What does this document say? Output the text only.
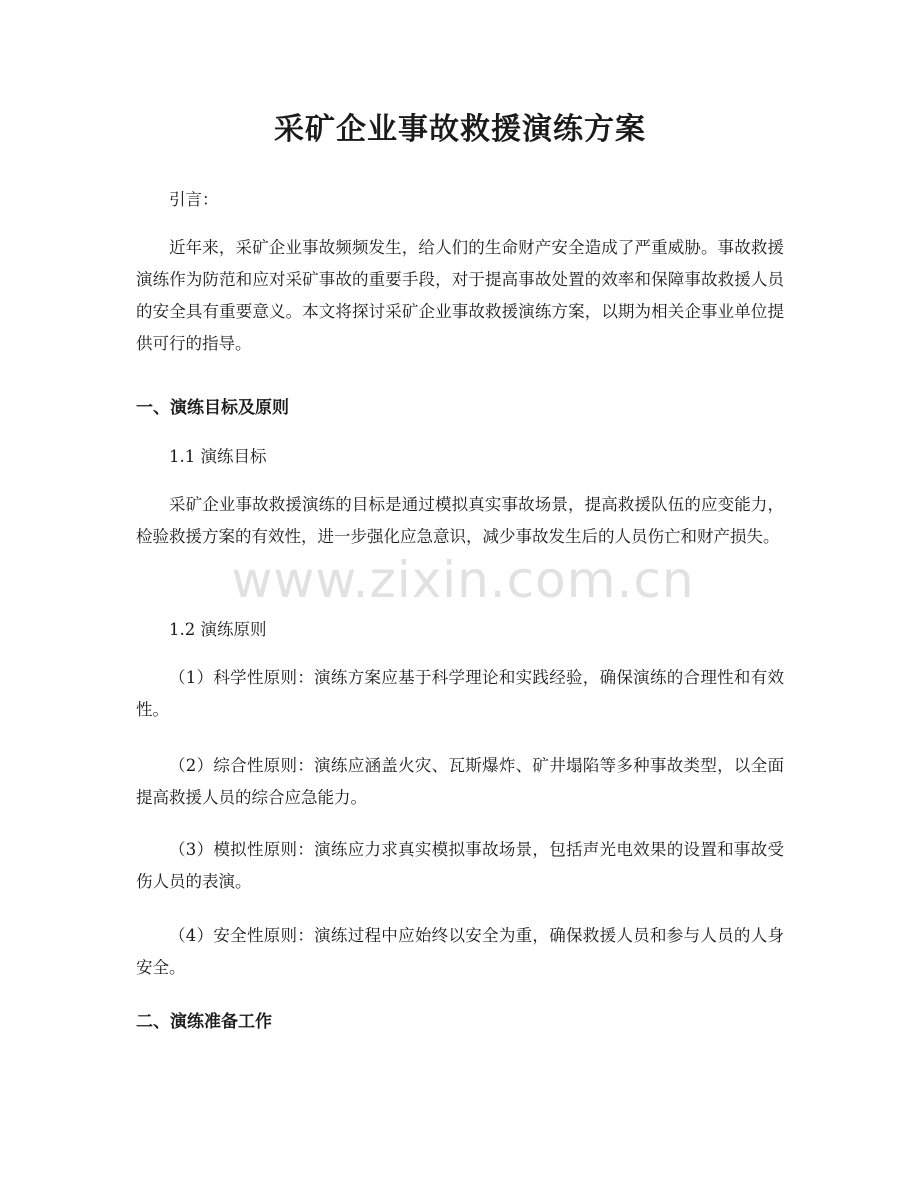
采矿企业事故救援演练方案

引言：

近年来，采矿企业事故频频发生，给人们的生命财产安全造成了严重威胁。事故救援演练作为防范和应对采矿事故的重要手段，对于提高事故处置的效率和保障事故救援人员的安全具有重要意义。本文将探讨采矿企业事故救援演练方案，以期为相关企事业单位提供可行的指导。

一、演练目标及原则

1.1 演练目标

采矿企业事故救援演练的目标是通过模拟真实事故场景，提高救援队伍的应变能力，检验救援方案的有效性，进一步强化应急意识，减少事故发生后的人员伤亡和财产损失。

1.2 演练原则

（1）科学性原则：演练方案应基于科学理论和实践经验，确保演练的合理性和有效性。

（2）综合性原则：演练应涵盖火灾、瓦斯爆炸、矿井塌陷等多种事故类型，以全面提高救援人员的综合应急能力。

（3）模拟性原则：演练应力求真实模拟事故场景，包括声光电效果的设置和事故受伤人员的表演。

（4）安全性原则：演练过程中应始终以安全为重，确保救援人员和参与人员的人身安全。

二、演练准备工作
www.zixin.com.cn
